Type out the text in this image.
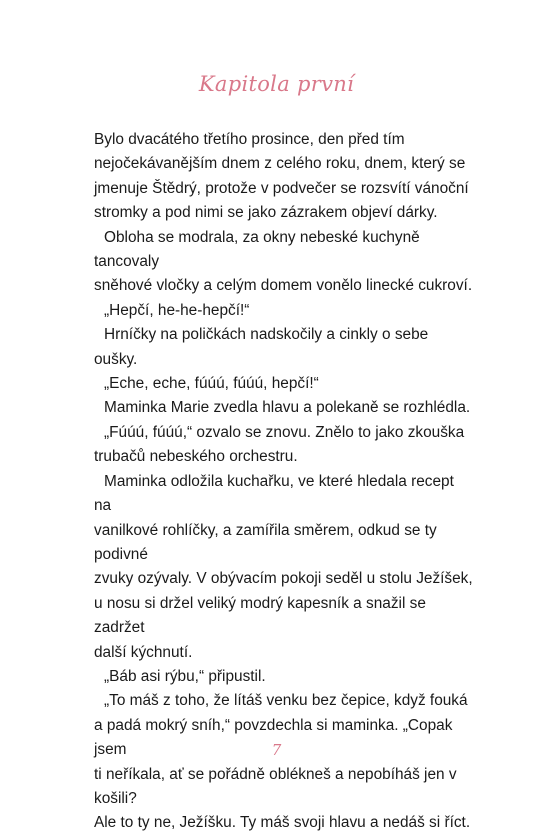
Kapitola první

Bylo dvacátého třetího prosince, den před tím
nejočekávanějším dnem z celého roku, dnem, který se
jmenuje Štědrý, protože v podvečer se rozsvítí vánoční
stromky a pod nimi se jako zázrakem objeví dárky.

Obloha se modrala, za okny nebeské kuchyně tancovaly
sněhové vločky a celým domem vonělo linecké cukroví.

„Hepčí, he-he-hepčí!“

Hrníčky na poličkách nadskočily a cinkly o sebe oušky.

„Eche, eche, fúúú, fúúú, hepčí!“

Maminka Marie zvedla hlavu a polekaně se rozhlédla.

„Fúúú, fúúú,“ ozvalo se znovu. Znělo to jako zkouška
trubačů nebeského orchestru.

Maminka odložila kuchařku, ve které hledala recept na
vanilkové rohlíčky, a zamířila směrem, odkud se ty podivné
zvuky ozývaly. V obývacím pokoji seděl u stolu Ježíšek,
u nosu si držel veliký modrý kapesník a snažil se zadržet
další kýchnutí.

„Báb asi rýbu,“ připustil.

„To máš z toho, že lítáš venku bez čepice, když fouká
a padá mokrý sníh,“ povzdechla si maminka. „Copak jsem
ti neříkala, ať se pořádně oblékneš a nepobíháš jen v košili?
Ale to ty ne, Ježíšku. Ty máš svoji hlavu a nedáš si říct.

7
